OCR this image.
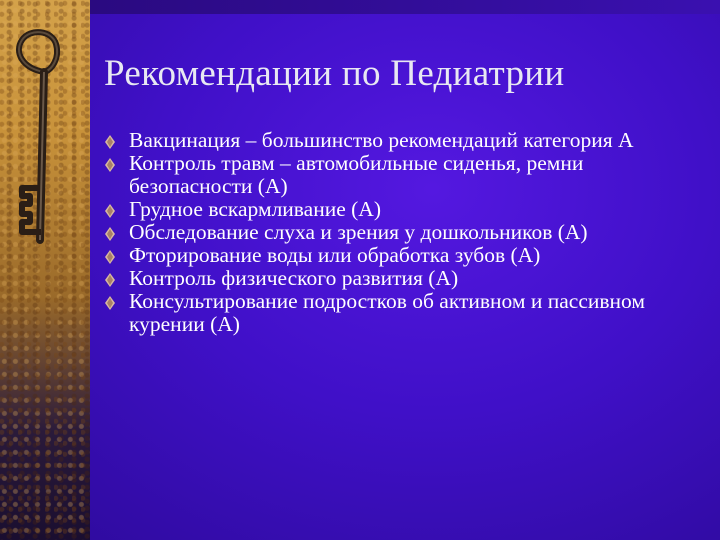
Рекомендации по Педиатрии
Вакцинация – большинство рекомендаций категория А
Контроль травм – автомобильные сиденья, ремни безопасности (А)
Грудное вскармливание (А)
Обследование слуха и зрения у дошкольников (А)
Фторирование воды или обработка зубов (А)
Контроль физического развития (А)
Консультирование подростков об активном и пассивном курении (А)
